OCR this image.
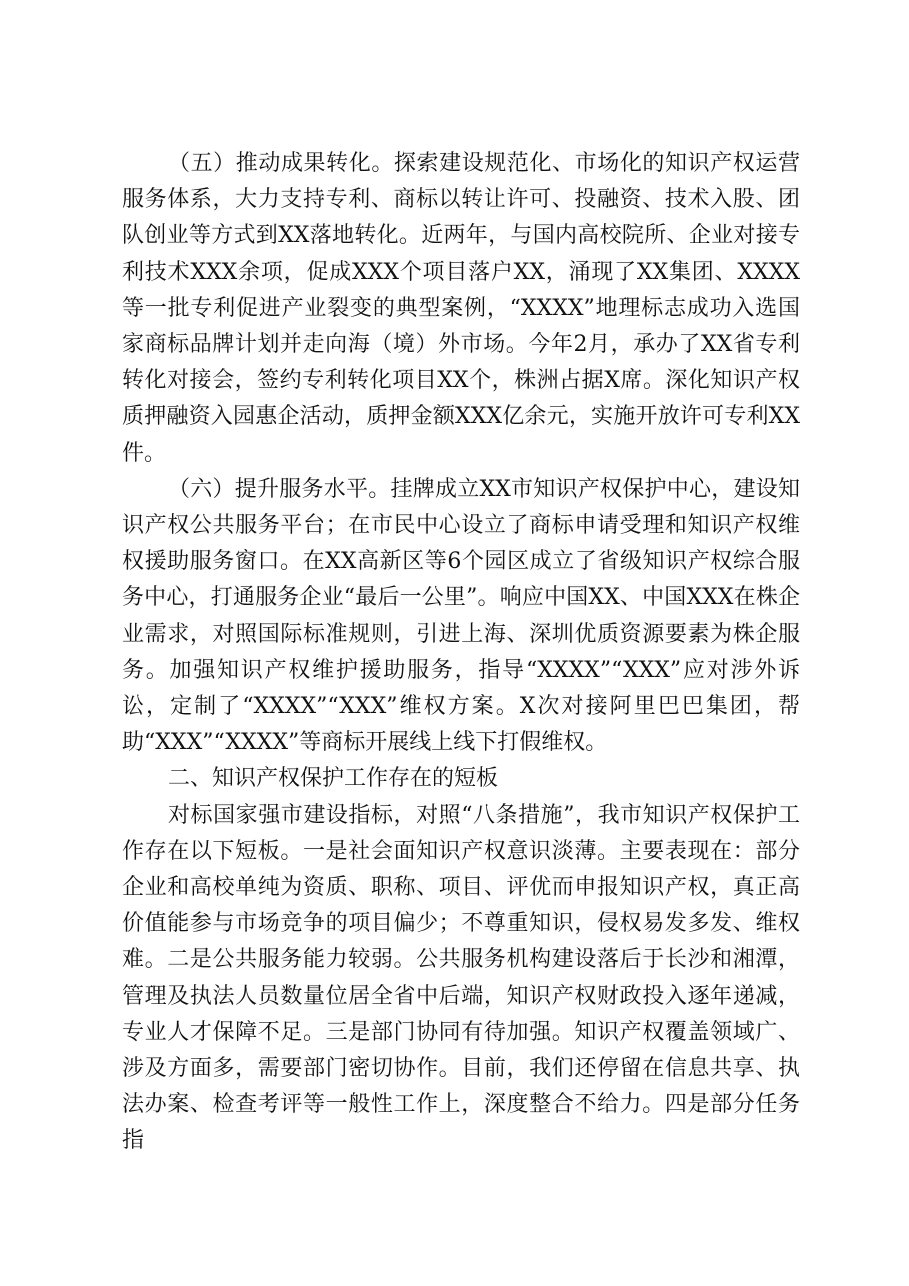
（五）推动成果转化。探索建设规范化、市场化的知识产权运营服务体系，大力支持专利、商标以转让许可、投融资、技术入股、团队创业等方式到XX落地转化。近两年，与国内高校院所、企业对接专利技术XXX余项，促成XXX个项目落户XX，涌现了XX集团、XXXX等一批专利促进产业裂变的典型案例，“XXXX”地理标志成功入选国家商标品牌计划并走向海（境）外市场。今年2月，承办了XX省专利转化对接会，签约专利转化项目XX个，株洲占据X席。深化知识产权质押融资入园惠企活动，质押金额XXX亿余元，实施开放许可专利XX件。

（六）提升服务水平。挂牌成立XX市知识产权保护中心，建设知识产权公共服务平台；在市民中心设立了商标申请受理和知识产权维权援助服务窗口。在XX高新区等6个园区成立了省级知识产权综合服务中心，打通服务企业“最后一公里”。响应中国XX、中国XXX在株企业需求，对照国际标准规则，引进上海、深圳优质资源要素为株企服务。加强知识产权维护援助服务，指导“XXXX”“XXX”应对涉外诉讼，定制了“XXXX”“XXX”维权方案。X次对接阿里巴巴集团，帮助“XXX”“XXXX”等商标开展线上线下打假维权。

二、知识产权保护工作存在的短板

对标国家强市建设指标，对照“八条措施”，我市知识产权保护工作存在以下短板。一是社会面知识产权意识淡薄。主要表现在：部分企业和高校单纯为资质、职称、项目、评优而申报知识产权，真正高价值能参与市场竞争的项目偏少；不尊重知识，侵权易发多发、维权难。二是公共服务能力较弱。公共服务机构建设落后于长沙和湘潭，管理及执法人员数量位居全省中后端，知识产权财政投入逐年递减，专业人才保障不足。三是部门协同有待加强。知识产权覆盖领域广、涉及方面多，需要部门密切协作。目前，我们还停留在信息共享、执法办案、检查考评等一般性工作上，深度整合不给力。四是部分任务指
